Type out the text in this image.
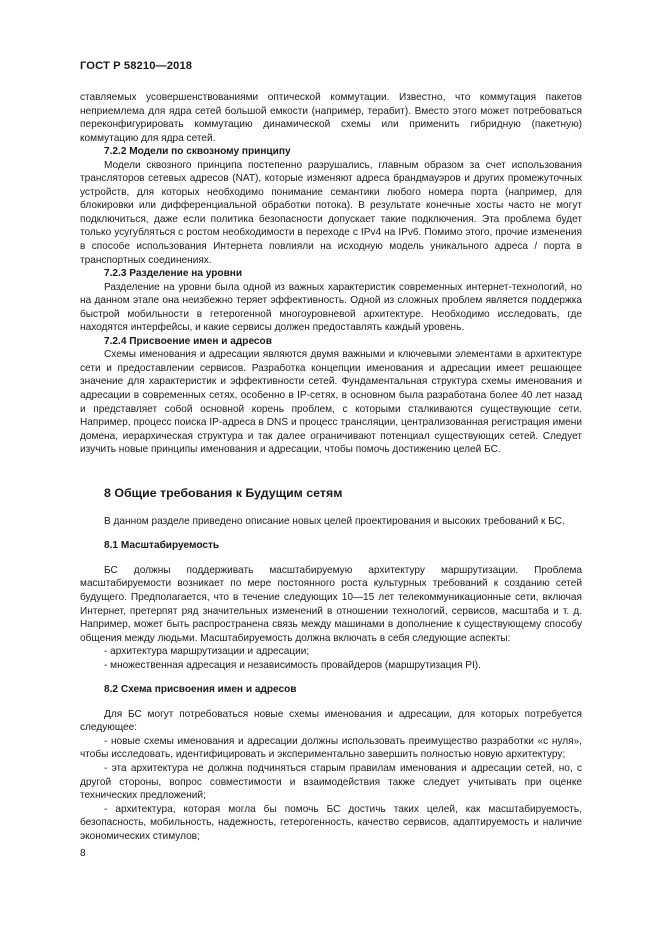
ГОСТ Р 58210—2018

ставляемых усовершенствованиями оптической коммутации. Известно, что коммутация пакетов неприемлема для ядра сетей большой емкости (например, терабит). Вместо этого может потребоваться переконфигурировать коммутацию динамической схемы или применить гибридную (пакетную) коммутацию для ядра сетей.

7.2.2 Модели по сквозному принципу

Модели сквозного принципа постепенно разрушались, главным образом за счет использования трансляторов сетевых адресов (NAT), которые изменяют адреса брандмауэров и других промежуточных устройств, для которых необходимо понимание семантики любого номера порта (например, для блокировки или дифференциальной обработки потока). В результате конечные хосты часто не могут подключиться, даже если политика безопасности допускает такие подключения. Эта проблема будет только усугубляться с ростом необходимости в переходе с IPv4 на IPv6. Помимо этого, прочие изменения в способе использования Интернета повлияли на исходную модель уникального адреса / порта в транспортных соединениях.

7.2.3 Разделение на уровни

Разделение на уровни была одной из важных характеристик современных интернет-технологий, но на данном этапе она неизбежно теряет эффективность. Одной из сложных проблем является поддержка быстрой мобильности в гетерогенной многоуровневой архитектуре. Необходимо исследовать, где находятся интерфейсы, и какие сервисы должен предоставлять каждый уровень.

7.2.4 Присвоение имен и адресов

Схемы именования и адресации являются двумя важными и ключевыми элементами в архитектуре сети и предоставлении сервисов. Разработка концепции именования и адресации имеет решающее значение для характеристик и эффективности сетей. Фундаментальная структура схемы именования и адресации в современных сетях, особенно в IP-сетях, в основном была разработана более 40 лет назад и представляет собой основной корень проблем, с которыми сталкиваются существующие сети. Например, процесс поиска IP-адреса в DNS и процесс трансляции, централизованная регистрация имени домена, иерархическая структура и так далее ограничивают потенциал существующих сетей. Следует изучить новые принципы именования и адресации, чтобы помочь достижению целей БС.

8 Общие требования к Будущим сетям

В данном разделе приведено описание новых целей проектирования и высоких требований к БС.

8.1 Масштабируемость

БС должны поддерживать масштабируемую архитектуру маршрутизации. Проблема масштабируемости возникает по мере постоянного роста культурных требований к созданию сетей будущего. Предполагается, что в течение следующих 10—15 лет телекоммуникационные сети, включая Интернет, претерпят ряд значительных изменений в отношении технологий, сервисов, масштаба и т. д. Например, может быть распространена связь между машинами в дополнение к существующему способу общения между людьми. Масштабируемость должна включать в себя следующие аспекты:

- архитектура маршрутизации и адресации;
- множественная адресация и независимость провайдеров (маршрутизация PI).
8.2 Схема присвоения имен и адресов

Для БС могут потребоваться новые схемы именования и адресации, для которых потребуется следующее:

- новые схемы именования и адресации должны использовать преимущество разработки «с нуля», чтобы исследовать, идентифицировать и экспериментально завершить полностью новую архитектуру;

- эта архитектура не должна подчиняться старым правилам именования и адресации сетей, но, с другой стороны, вопрос совместимости и взаимодействия также следует учитывать при оценке технических предложений;

- архитектура, которая могла бы помочь БС достичь таких целей, как масштабируемость, безопасность, мобильность, надежность, гетерогенность, качество сервисов, адаптируемость и наличие экономических стимулов;

8
